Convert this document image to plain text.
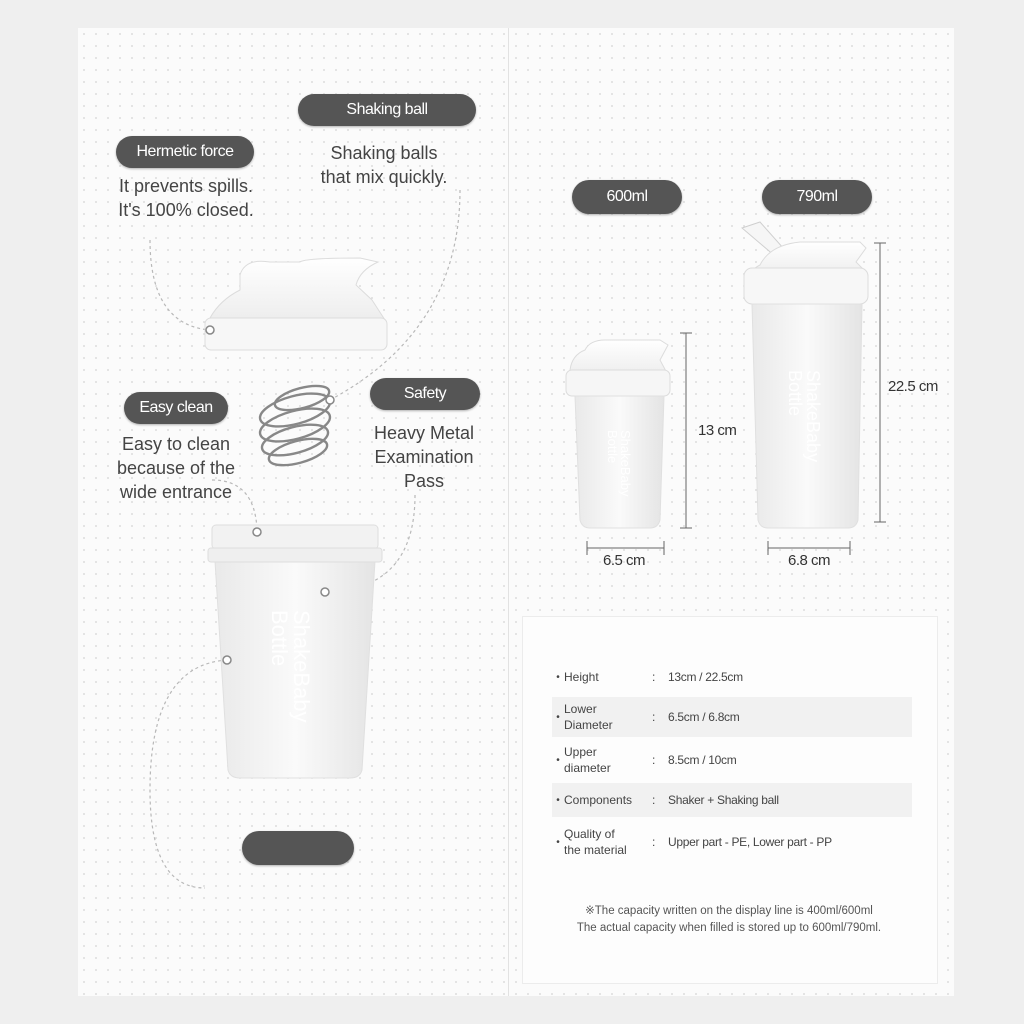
ShakeBaby
Bottle
ShakeBaby
Bottle	ShakeBaby
Bottle
Hermetic force
It prevents spills.
It's 100% closed.
Shaking ball
Shaking balls
that mix quickly.
Easy clean
Easy to clean
because of the
wide entrance
Safety
Heavy Metal
Examination
Pass
600ml	790ml
13 cm
22.5 cm
6.5 cm	6.8 cm
• Height	:	13cm / 22.5cm
•
Lower
Diameter
:	6.5cm / 6.8cm
•
Upper
diameter
:	8.5cm / 10cm
• Components	:	Shaker + Shaking ball
•
Quality of
the material
:	Upper part - PE, Lower part - PP
※The capacity written on the display line is 400ml/600ml
The actual capacity when filled is stored up to 600ml/790ml.
